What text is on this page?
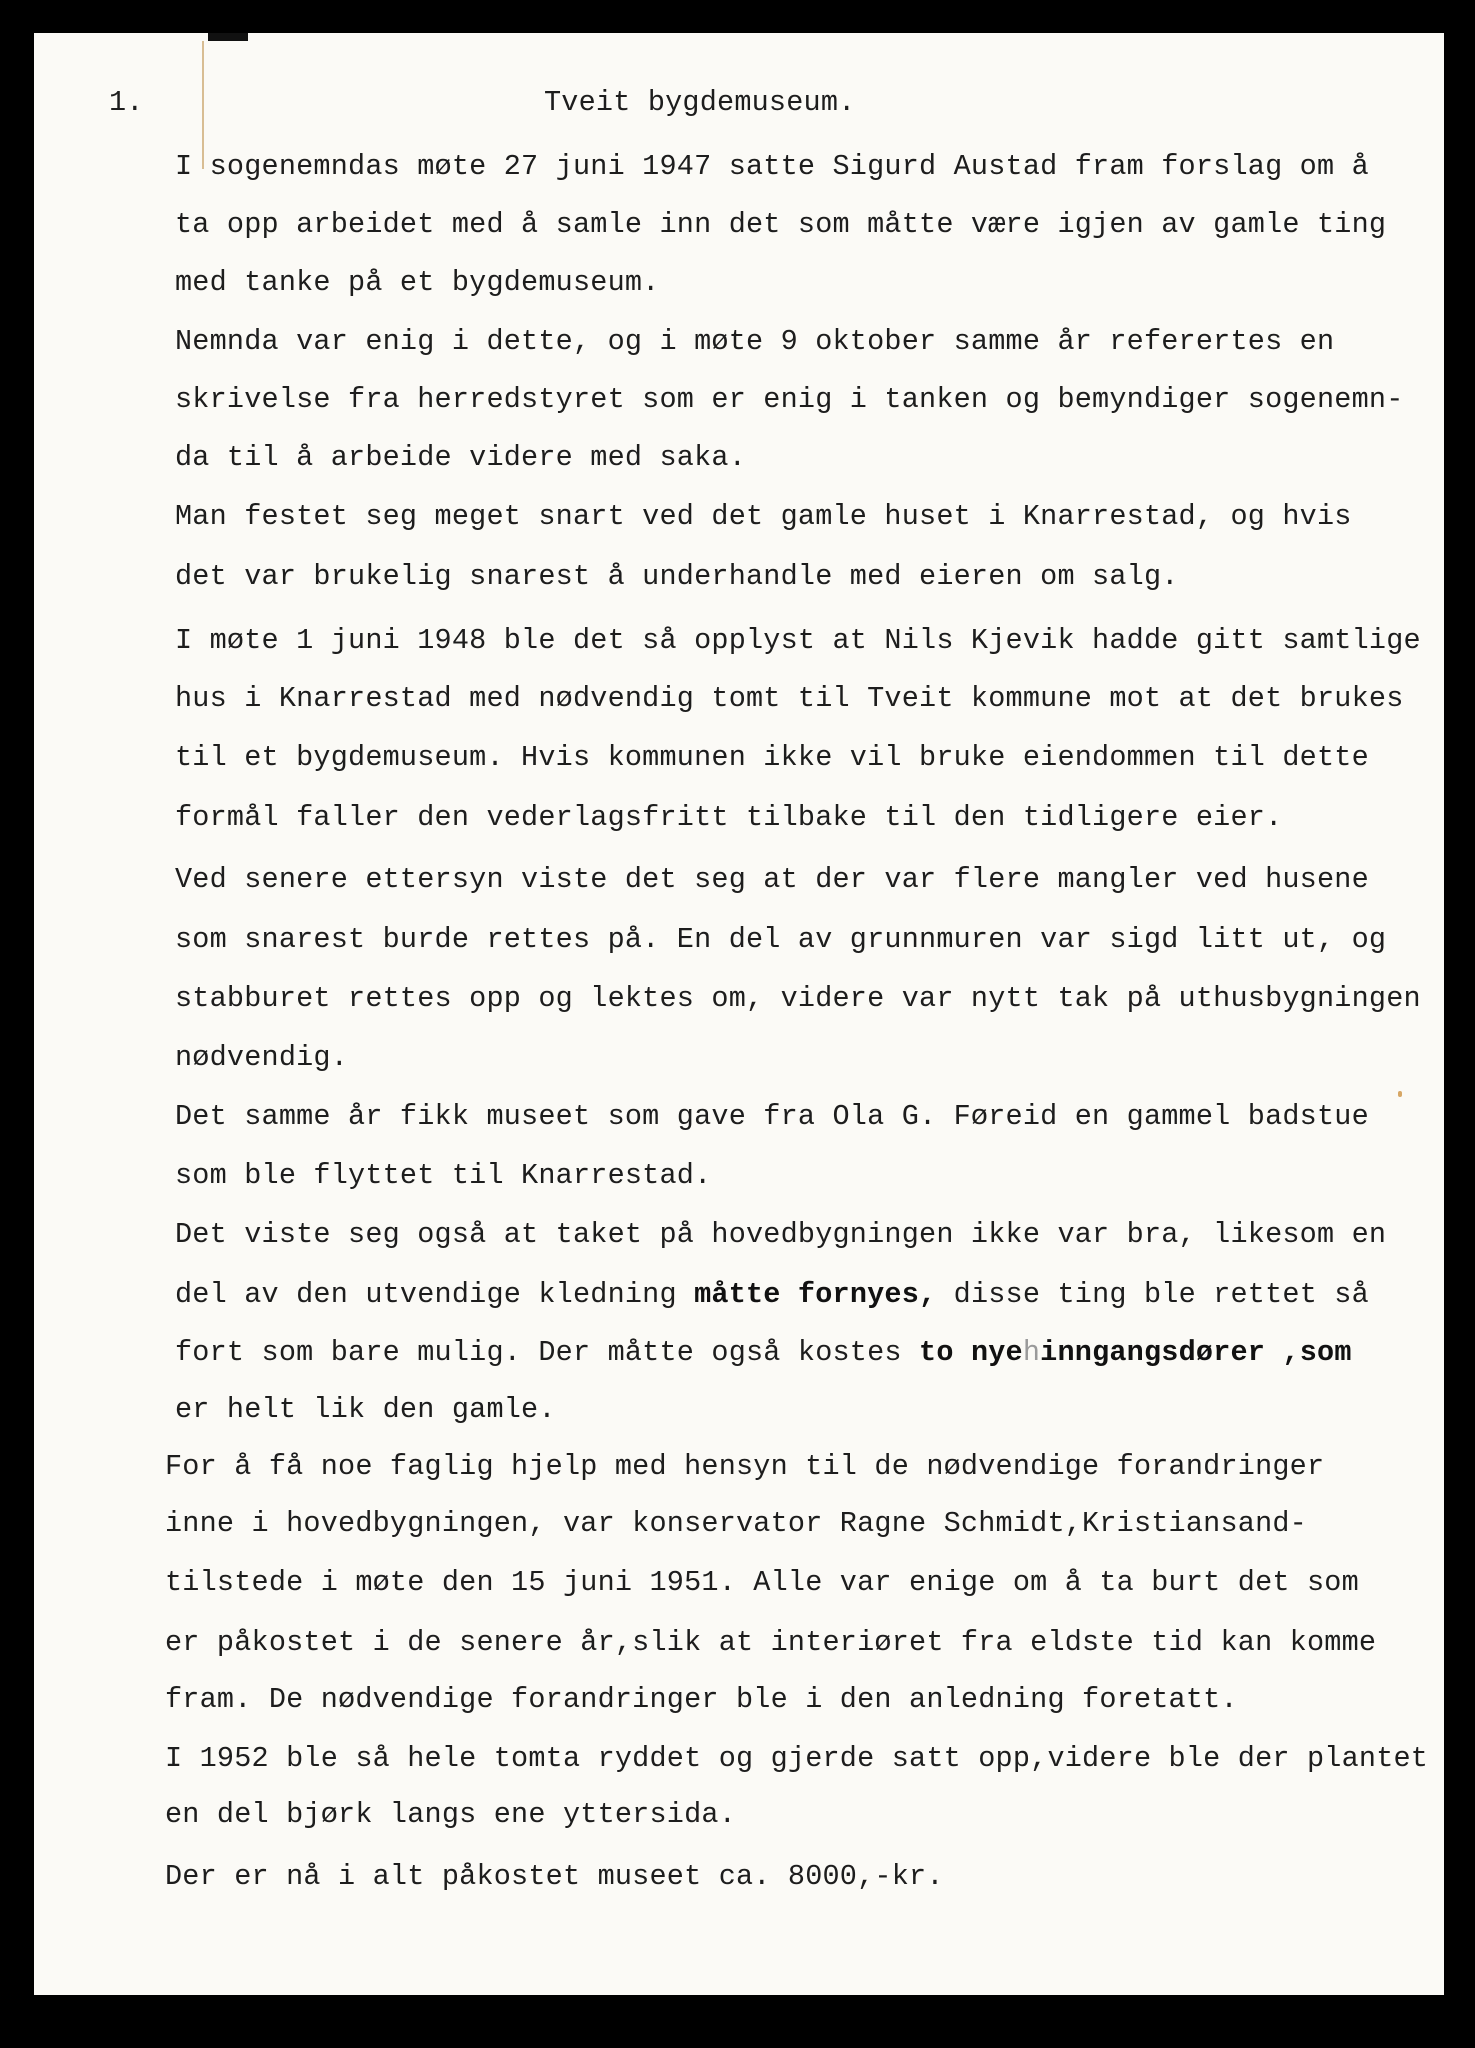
1.	Tveit bygdemuseum.

I sogenemndas møte 27 juni 1947 satte Sigurd Austad fram forslag om å

ta opp arbeidet med å samle inn det som måtte være igjen av gamle ting

med tanke på et bygdemuseum.

Nemnda var enig i dette, og i møte 9 oktober samme år referertes en

skrivelse fra herredstyret som er enig i tanken og bemyndiger sogenemn-

da til å arbeide videre med saka.

Man festet seg meget snart ved det gamle huset i Knarrestad, og hvis

det var brukelig snarest å underhandle med eieren om salg.

I møte 1 juni 1948 ble det så opplyst at Nils Kjevik hadde gitt samtlige

hus i Knarrestad med nødvendig tomt til Tveit kommune mot at det brukes

til et bygdemuseum. Hvis kommunen ikke vil bruke eiendommen til dette

formål faller den vederlagsfritt tilbake til den tidligere eier.

Ved senere ettersyn viste det seg at der var flere mangler ved husene

som snarest burde rettes på. En del av grunnmuren var sigd litt ut, og

stabburet rettes opp og lektes om, videre var nytt tak på uthusbygningen

nødvendig.

Det samme år fikk museet som gave fra Ola G. Føreid en gammel badstue

som ble flyttet til Knarrestad.

Det viste seg også at taket på hovedbygningen ikke var bra, likesom en

del av den utvendige kledning måtte fornyes, disse ting ble rettet så

fort som bare mulig. Der måtte også kostes to nyehinngangsdører ,som

er helt lik den gamle.

For å få noe faglig hjelp med hensyn til de nødvendige forandringer

inne i hovedbygningen, var konservator Ragne Schmidt,Kristiansand-

tilstede i møte den 15 juni 1951. Alle var enige om å ta burt det som

er påkostet i de senere år,slik at interiøret fra eldste tid kan komme

fram. De nødvendige forandringer ble i den anledning foretatt.

I 1952 ble så hele tomta ryddet og gjerde satt opp,videre ble der plantet

en del bjørk langs ene yttersida.

Der er nå i alt påkostet museet ca. 8000,-kr.
